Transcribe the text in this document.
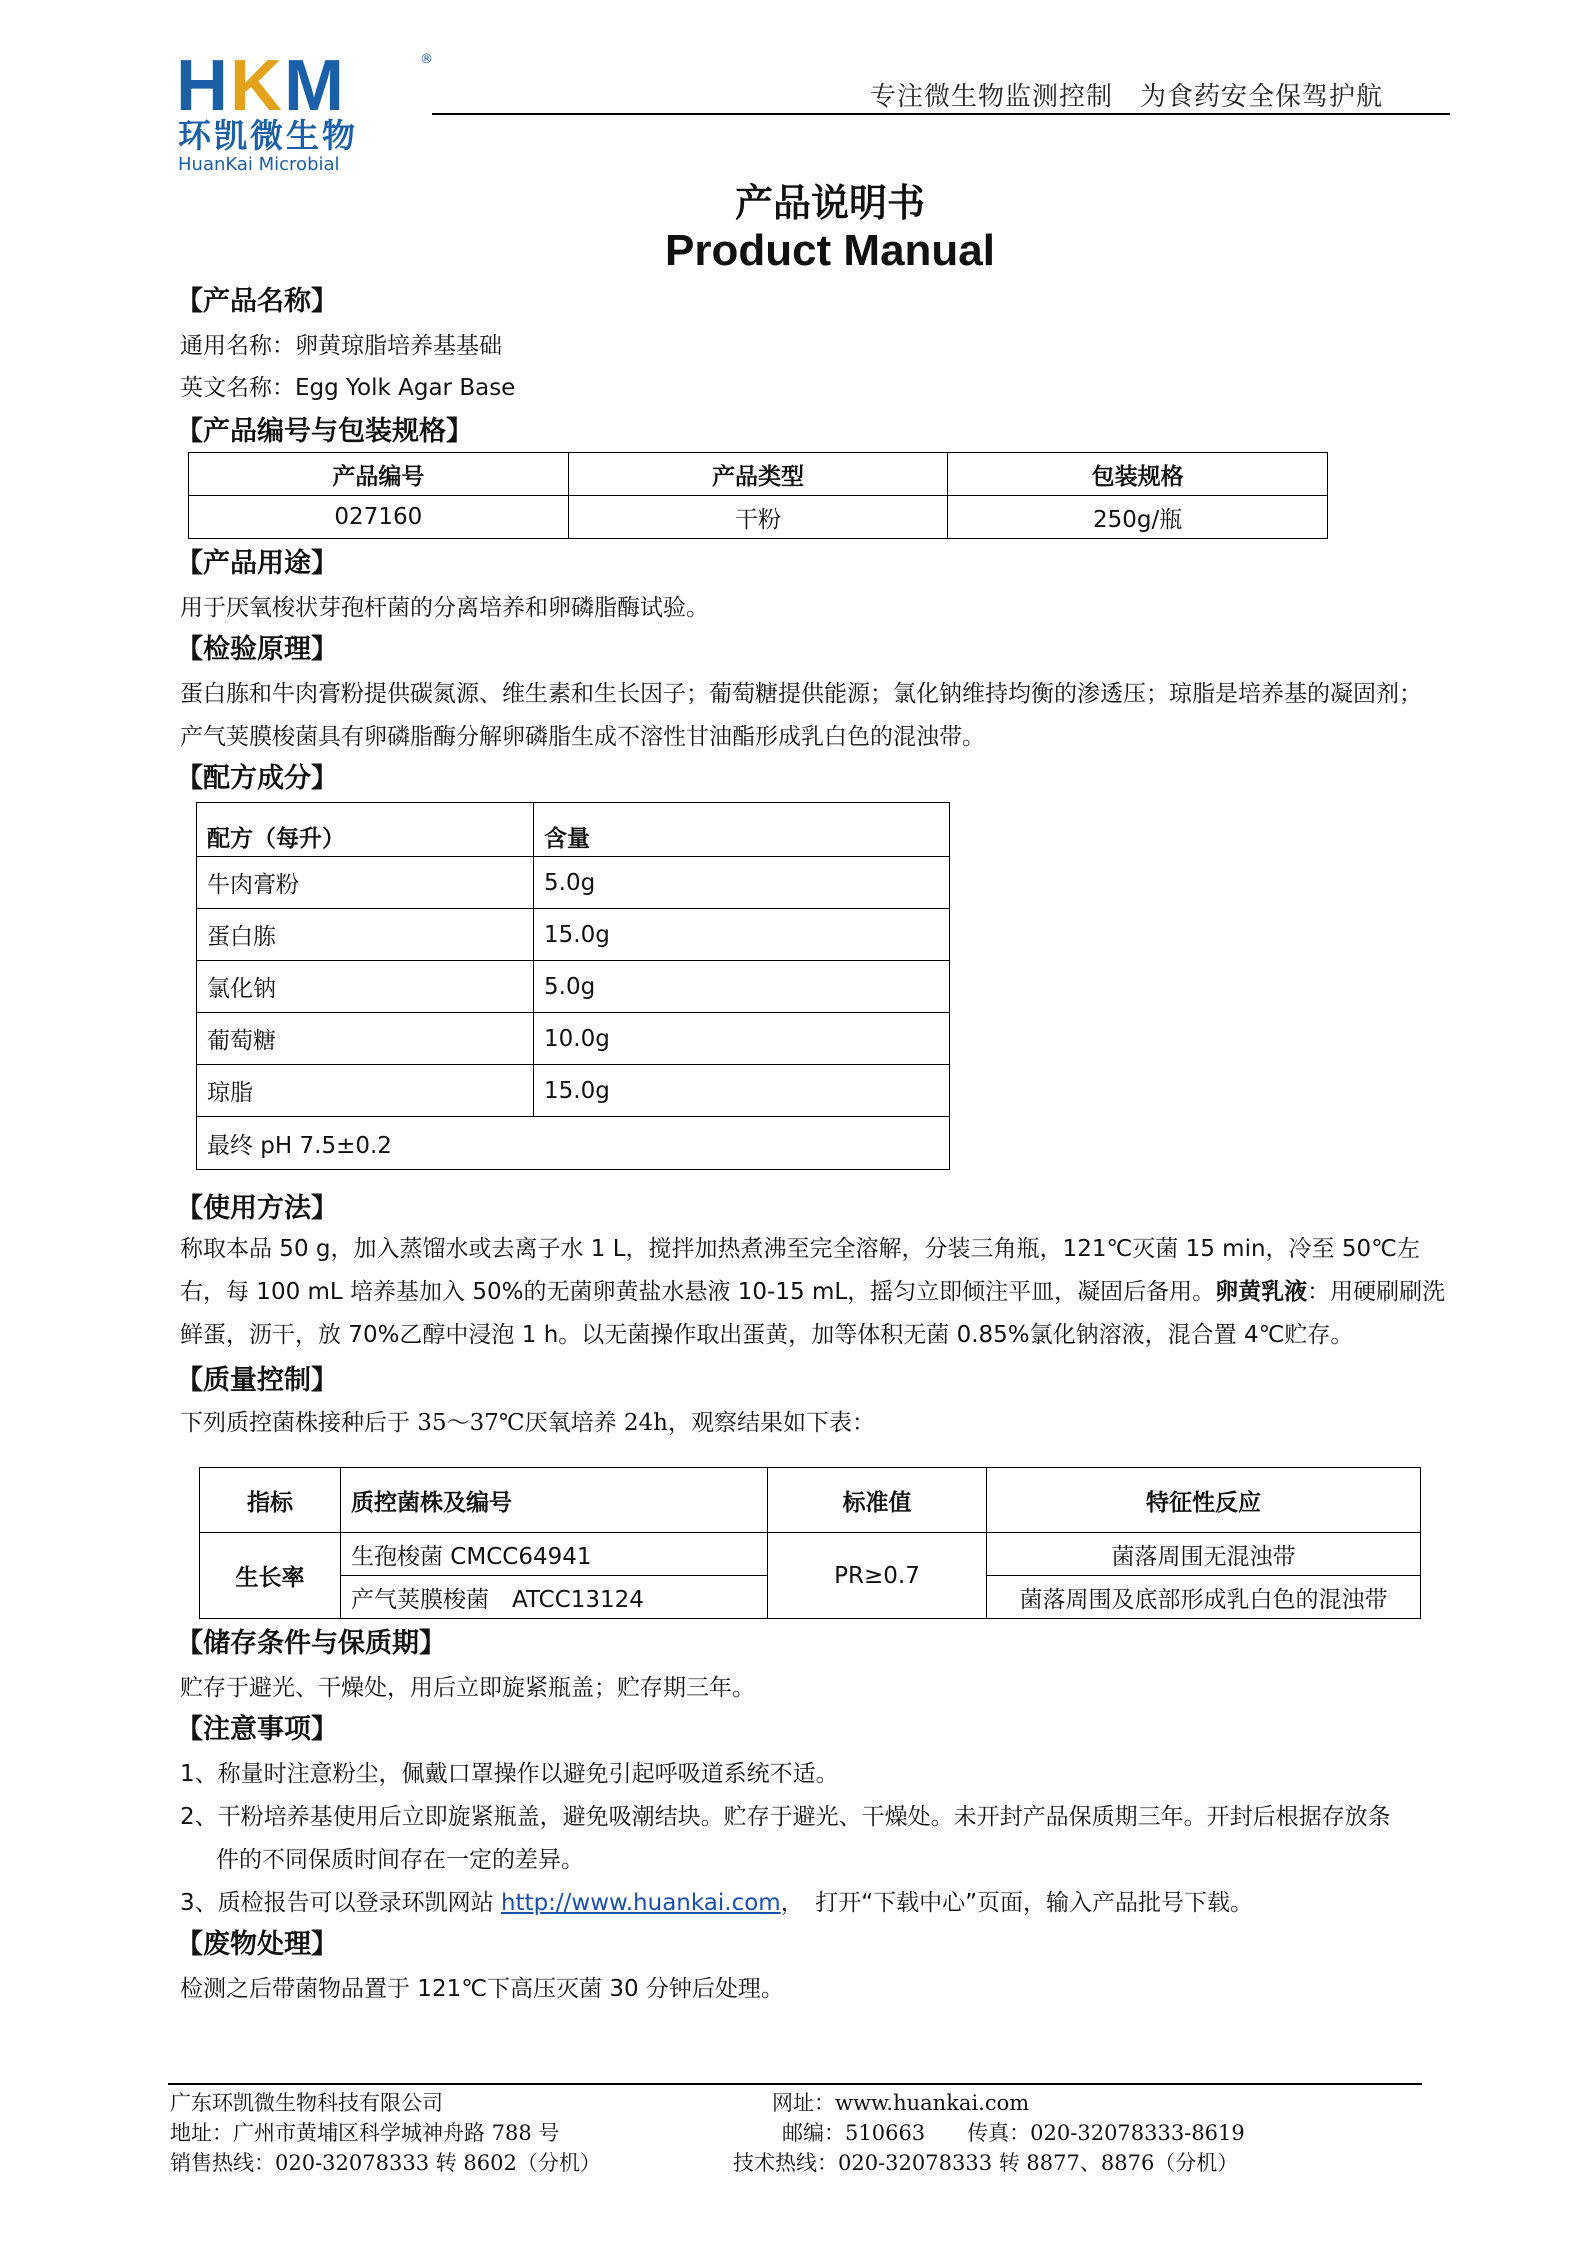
HKM	®
环凯微生物
HuanKai Microbial
专注微生物监测控制　为食药安全保驾护航
产品说明书
Product Manual
【产品名称】
通用名称：卵黄琼脂培养基基础
英文名称：Egg Yolk Agar Base
【产品编号与包装规格】
产品编号	产品类型	包装规格
027160	干粉	250g/瓶
【产品用途】
用于厌氧梭状芽孢杆菌的分离培养和卵磷脂酶试验。
【检验原理】
蛋白胨和牛肉膏粉提供碳氮源、维生素和生长因子；葡萄糖提供能源；氯化钠维持均衡的渗透压；琼脂是培养基的凝固剂；
产气荚膜梭菌具有卵磷脂酶分解卵磷脂生成不溶性甘油酯形成乳白色的混浊带。
【配方成分】
配方（每升）	含量
牛肉膏粉	5.0g
蛋白胨	15.0g
氯化钠	5.0g
葡萄糖	10.0g
琼脂	15.0g
最终 pH 7.5±0.2	
【使用方法】
称取本品 50 g，加入蒸馏水或去离子水 1 L，搅拌加热煮沸至完全溶解，分装三角瓶，121℃灭菌 15 min，冷至 50℃左右，每 100 mL 培养基加入 50%的无菌卵黄盐水悬液 10-15 mL，摇匀立即倾注平皿，凝固后备用。卵黄乳液：用硬刷刷洗鲜蛋，沥干，放 70%乙醇中浸泡 1 h。以无菌操作取出蛋黄，加等体积无菌 0.85%氯化钠溶液，混合置 4℃贮存。
【质量控制】
下列质控菌株接种后于 35～37℃厌氧培养 24h，观察结果如下表：
指标	质控菌株及编号	标准值	特征性反应
生长率	生孢梭菌 CMCC64941	PR≥0.7	菌落周围无混浊带
	产气荚膜梭菌　ATCC13124		菌落周围及底部形成乳白色的混浊带
【储存条件与保质期】
贮存于避光、干燥处，用后立即旋紧瓶盖；贮存期三年。
【注意事项】
1、称量时注意粉尘，佩戴口罩操作以避免引起呼吸道系统不适。
2、干粉培养基使用后立即旋紧瓶盖，避免吸潮结块。贮存于避光、干燥处。未开封产品保质期三年。开封后根据存放条
件的不同保质时间存在一定的差异。
3、质检报告可以登录环凯网站 http://www.huankai.com，　打开“下载中心”页面，输入产品批号下载。
【废物处理】
检测之后带菌物品置于 121℃下高压灭菌 30 分钟后处理。
广东环凯微生物科技有限公司
地址：广州市黄埔区科学城神舟路 788 号
销售热线：020-32078333 转 8602（分机）
网址：www.huankai.com
邮编：510663　　传真：020-32078333-8619
技术热线：020-32078333 转 8877、8876（分机）
